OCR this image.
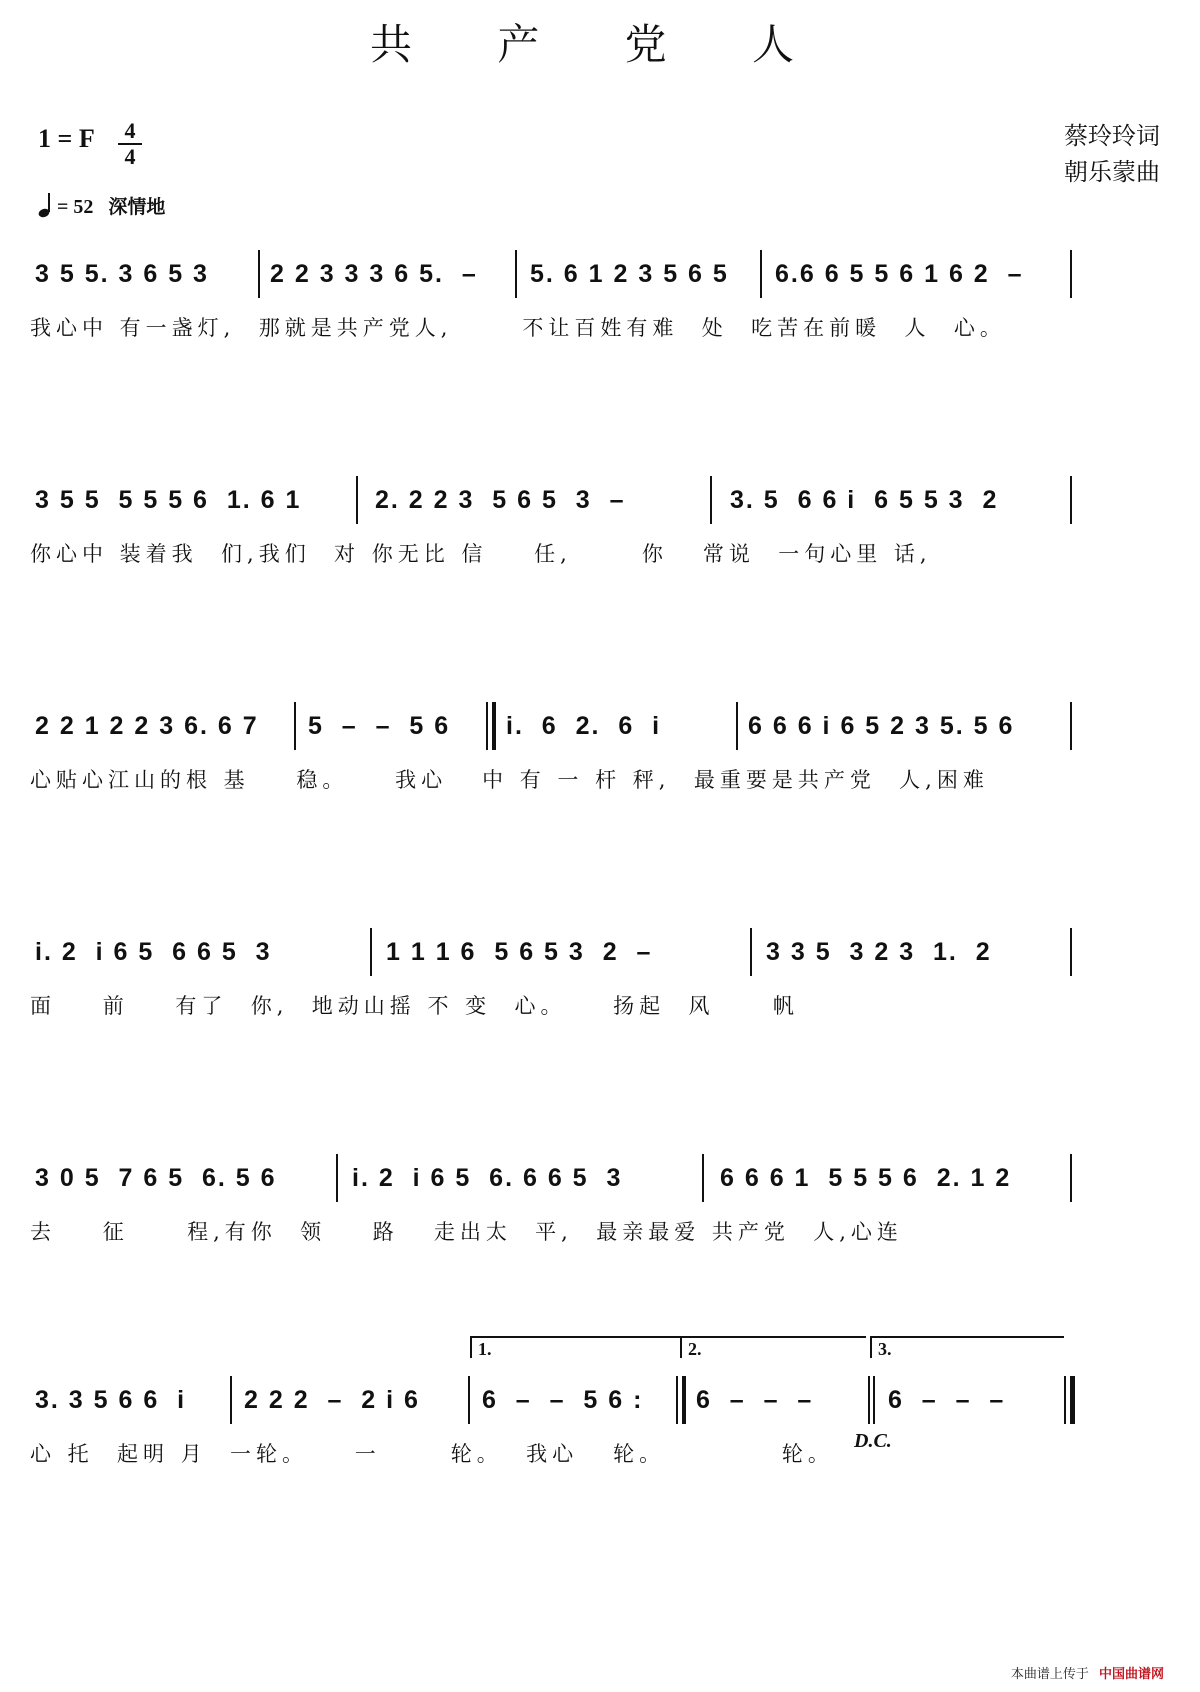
共 产 党 人
1 = F 4
4
蔡玲玲词
朝乐蒙曲
= 52 深情地
3 5 5. 3 6 5 3	2 2 3 3 3 6 5.  –	5. 6 1 2 3 5 6 5	6.6 6 5 5 6 1 6 2  –
我心中 有一盏灯,  那就是共产党人,      不让百姓有难  处  吃苦在前暖  人  心。
3 5 5  5 5 5 6  1. 6 1	2. 2 2 3  5 6 5  3  –	3. 5  6 6 i  6 5 5 3  2
你心中 装着我  们,我们  对 你无比 信    任,      你   常说  一句心里 话,
2 2 1 2 2 3 6. 6 7	5  –  –  5 6	i.  6  2.  6  i	6 6 6 i 6 5 2 3 5. 5 6
心贴心江山的根 基    稳。    我心   中 有 一 杆 秤,  最重要是共产党  人,困难
i. 2  i 6 5  6 6 5  3	1 1 1 6  5 6 5 3  2  –	3 3 5  3 2 3  1.  2
面    前    有了  你,  地动山摇 不 变  心。    扬起  风     帆
3 0 5  7 6 5  6. 5 6	i. 2  i 6 5  6. 6 6 5  3	6 6 6 1  5 5 5 6  2. 1 2
去    征     程,有你  领    路   走出太  平,  最亲最爱 共产党  人,心连
1.	2.	3.
3. 3 5 6 6  i	2 2 2  –  2 i 6	6  –  –  5 6 :	6  –  –  –	6  –  –  –
心 托  起明 月  一轮。    一      轮。  我心   轮。          轮。
D.C.
本曲谱上传于 中国曲谱网
